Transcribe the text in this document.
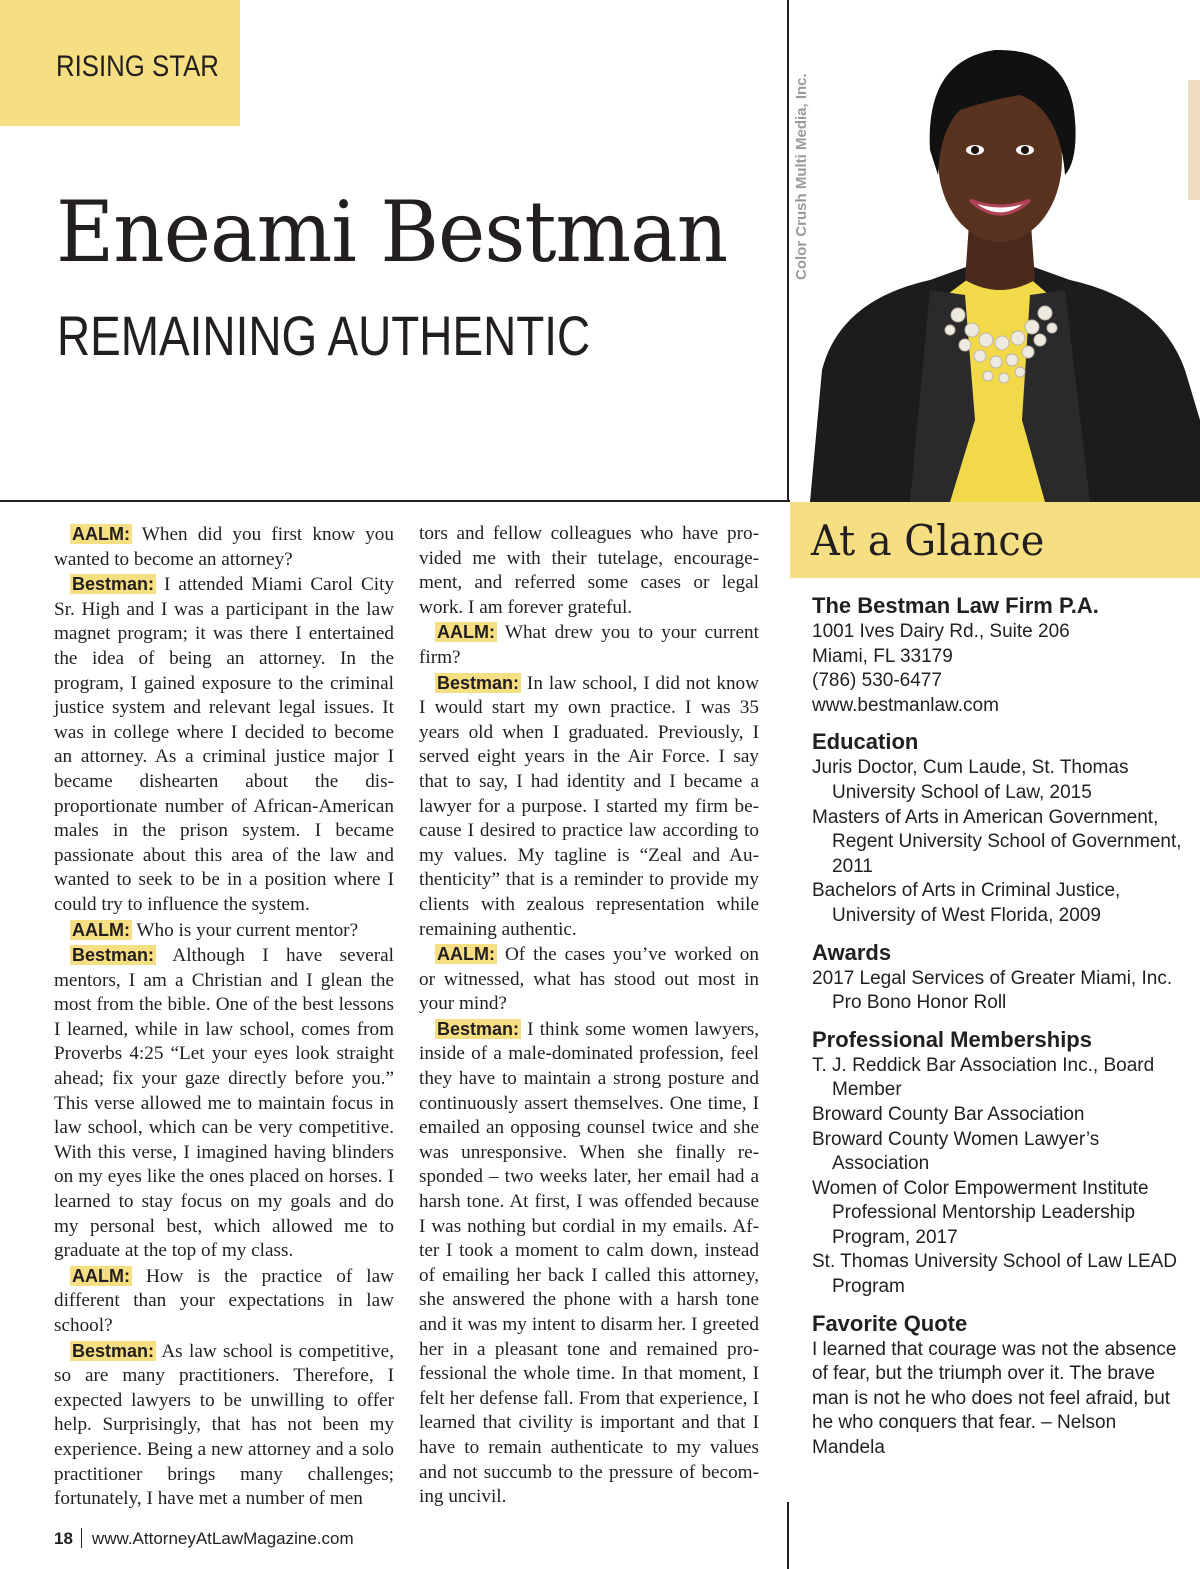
RISING STAR
Eneami Bestman
REMAINING AUTHENTIC
Color Crush Multi Media, Inc.

AALM: When did you first know you wanted to become an attorney?

Bestman: I attended Miami Carol City Sr. High and I was a participant in the law magnet program; it was there I entertained the idea of being an attorney. In the program, I gained exposure to the criminal justice system and relevant legal issues. It was in college where I decided to become an attorney. As a criminal justice major I became dishearten about the disproportionate number of African-American males in the prison system. I became passionate about this area of the law and wanted to seek to be in a position where I could try to influence the system.

AALM: Who is your current mentor?

Bestman: Although I have several mentors, I am a Christian and I glean the most from the bible. One of the best lessons I learned, while in law school, comes from Proverbs 4:25 “Let your eyes look straight ahead; fix your gaze directly before you.” This verse allowed me to maintain focus in law school, which can be very competitive. With this verse, I imagined having blinders on my eyes like the ones placed on horses. I learned to stay focus on my goals and do my personal best, which allowed me to graduate at the top of my class.

AALM: How is the practice of law different than your expectations in law school?

Bestman: As law school is competitive, so are many practitioners. Therefore, I expected lawyers to be unwilling to offer help. Surprisingly, that has not been my experience. Being a new attorney and a solo practitioner brings many challenges; fortunately, I have met a number of men

tors and fellow colleagues who have provided me with their tutelage, encouragement, and referred some cases or legal work. I am forever grateful.

AALM: What drew you to your current firm?

Bestman: In law school, I did not know I would start my own practice. I was 35 years old when I graduated. Previously, I served eight years in the Air Force. I say that to say, I had identity and I became a lawyer for a purpose. I started my firm because I desired to practice law according to my values. My tagline is “Zeal and Authenticity” that is a reminder to provide my clients with zealous representation while remaining authentic.

AALM: Of the cases you’ve worked on or witnessed, what has stood out most in your mind?

Bestman: I think some women lawyers, inside of a male-dominated profession, feel they have to maintain a strong posture and continuously assert themselves. One time, I emailed an opposing counsel twice and she was unresponsive. When she finally responded – two weeks later, her email had a harsh tone. At first, I was offended because I was nothing but cordial in my emails. After I took a moment to calm down, instead of emailing her back I called this attorney, she answered the phone with a harsh tone and it was my intent to disarm her. I greeted her in a pleasant tone and remained professional the whole time. In that moment, I felt her defense fall. From that experience, I learned that civility is important and that I have to remain authenticate to my values and not succumb to the pressure of becoming uncivil.

At a Glance
The Bestman Law Firm P.A.
1001 Ives Dairy Rd., Suite 206
Miami, FL 33179
(786) 530-6477
www.bestmanlaw.com
Education
Juris Doctor, Cum Laude, St. Thomas University School of Law, 2015
Masters of Arts in American Government, Regent University School of Government, 2011
Bachelors of Arts in Criminal Justice, University of West Florida, 2009
Awards
2017 Legal Services of Greater Miami, Inc. Pro Bono Honor Roll
Professional Memberships
T. J. Reddick Bar Association Inc., Board Member
Broward County Bar Association
Broward County Women Lawyer’s Association
Women of Color Empowerment Institute Professional Mentorship Leadership Program, 2017
St. Thomas University School of Law LEAD Program
Favorite Quote
I learned that courage was not the absence of fear, but the triumph over it. The brave man is not he who does not feel afraid, but he who conquers that fear. – Nelson Mandela
18 www.AttorneyAtLawMagazine.com
